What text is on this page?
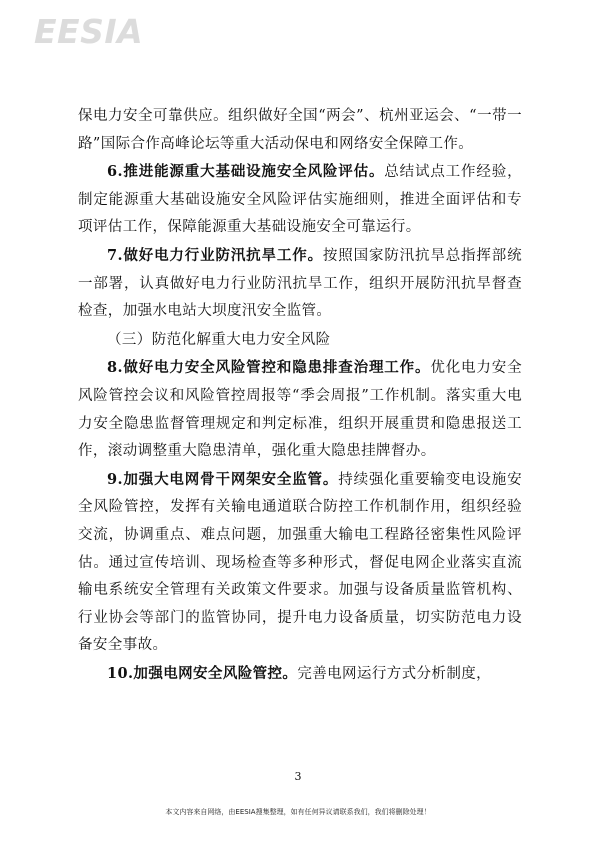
EESIA

保电力安全可靠供应。组织做好全国“两会”、杭州亚运会、“一带一路”国际合作高峰论坛等重大活动保电和网络安全保障工作。

6.推进能源重大基础设施安全风险评估。总结试点工作经验，制定能源重大基础设施安全风险评估实施细则，推进全面评估和专项评估工作，保障能源重大基础设施安全可靠运行。

7.做好电力行业防汛抗旱工作。按照国家防汛抗旱总指挥部统一部署，认真做好电力行业防汛抗旱工作，组织开展防汛抗旱督查检查，加强水电站大坝度汛安全监管。

（三）防范化解重大电力安全风险

8.做好电力安全风险管控和隐患排查治理工作。优化电力安全风险管控会议和风险管控周报等“季会周报”工作机制。落实重大电力安全隐患监督管理规定和判定标准，组织开展重贯和隐患报送工作，滚动调整重大隐患清单，强化重大隐患挂牌督办。

9.加强大电网骨干网架安全监管。持续强化重要输变电设施安全风险管控，发挥有关输电通道联合防控工作机制作用，组织经验交流，协调重点、难点问题，加强重大输电工程路径密集性风险评估。通过宣传培训、现场检查等多种形式，督促电网企业落实直流输电系统安全管理有关政策文件要求。加强与设备质量监管机构、行业协会等部门的监管协同，提升电力设备质量，切实防范电力设备安全事故。

10.加强电网安全风险管控。完善电网运行方式分析制度，

3
本文内容来自网络，由EESIA搜集整理，如有任何异议请联系我们，我们将删除处理！
